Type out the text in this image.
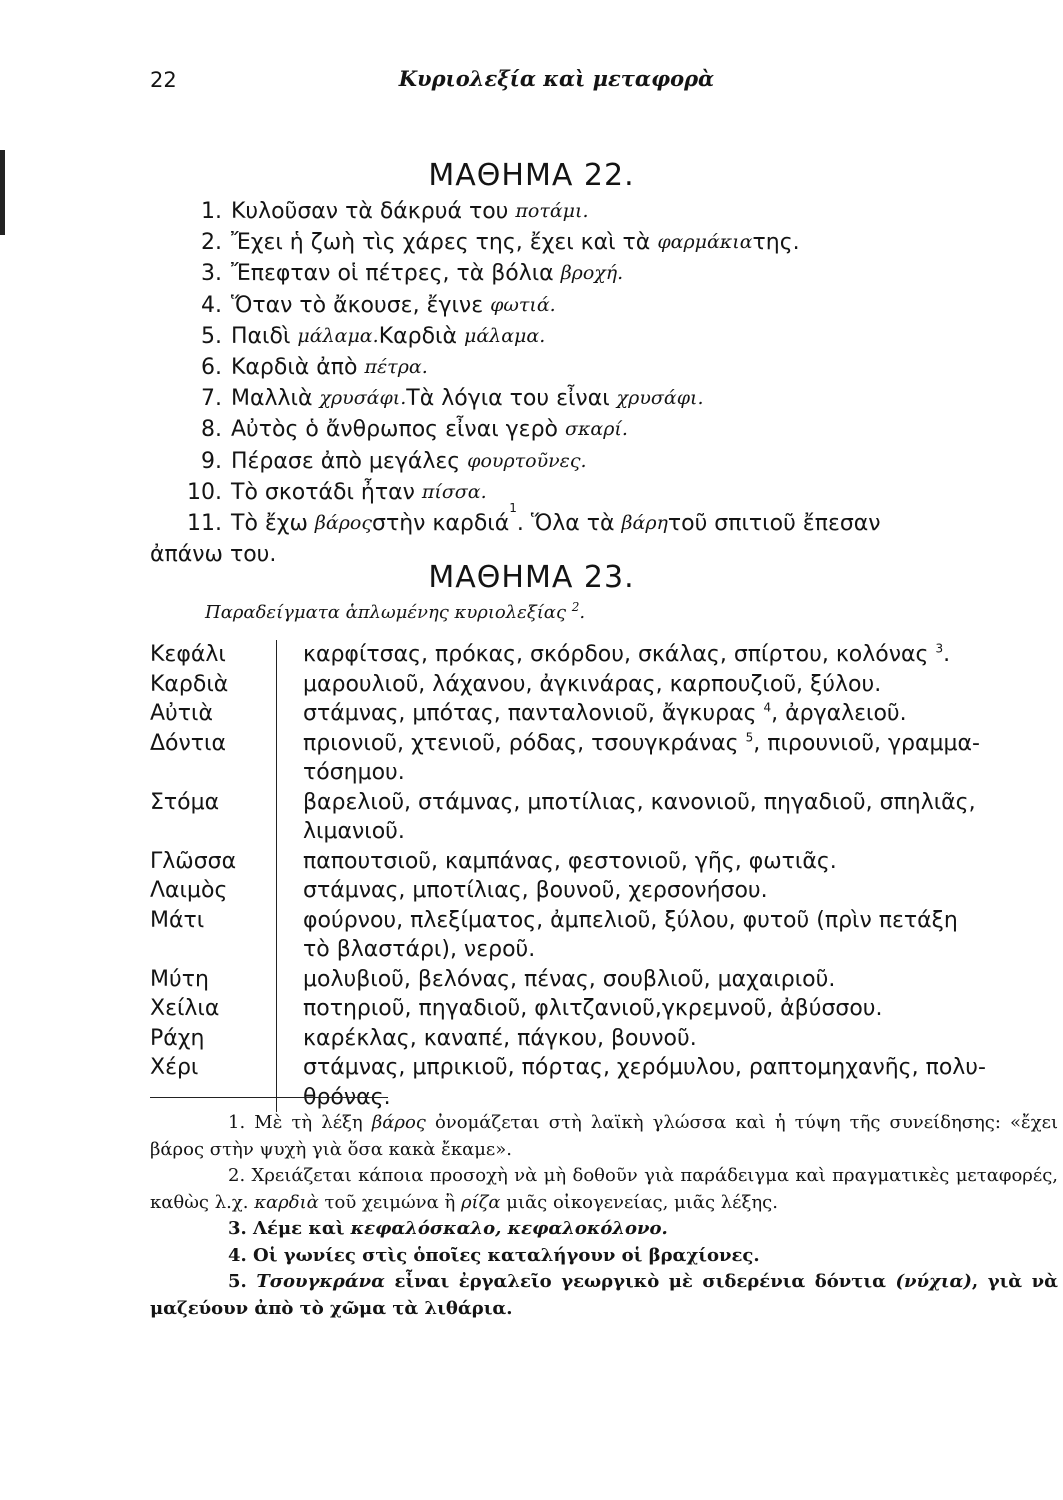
22	Κυριολεξία καὶ μεταφορὰ
ΜΑΘΗΜΑ 22.
1. Κυλοῦσαν τὰ δάκρυά του
ποτάμι.
2. Ἔχει ἡ ζωὴ τὶς χάρες της, ἔχει καὶ τὰ
φαρμάκια της.
3. Ἔπεφταν οἱ πέτρες, τὰ βόλια
βροχή.
4. Ὅταν τὸ ἄκουσε, ἔγινε
φωτιά.
5. Παιδὶ
μάλαμα. Καρδιὰ
μάλαμα.
6. Καρδιὰ ἀπὸ
πέτρα.
7. Μαλλιὰ
χρυσάφι. Τὰ λόγια του εἶναι
χρυσάφι.
8. Αὐτὸς ὁ ἄνθρωπος εἶναι γερὸ
σκαρί.
9. Πέρασε ἀπὸ μεγάλες
φουρτοῦνες.
10. Τὸ σκοτάδι ἦταν
πίσσα.
11. Τὸ ἔχω
βάρος στὴν καρδιά
1
. Ὅλα τὰ
βάρη τοῦ σπιτιοῦ ἔπεσαν
ἀπάνω του.
ΜΑΘΗΜΑ 23.
Παραδείγματα ἁπλωμένης κυριολεξίας $^2$.
Κεφάλι	καρφίτσας, πρόκας, σκόρδου, σκάλας, σπίρτου, κολόνας $^3$.
Καρδιὰ	μαρουλιοῦ, λάχανου, ἀγκινάρας, καρπουζιοῦ, ξύλου.
Αὐτιὰ	στάμνας, μπότας, πανταλονιοῦ, ἄγκυρας $^4$, ἀργαλειοῦ.
Δόντια	πριονιοῦ, χτενιοῦ, ρόδας, τσουγκράνας $^5$, πιρουνιοῦ, γραμμα-
τόσημου.
Στόμα	βαρελιοῦ, στάμνας, μποτίλιας, κανονιοῦ, πηγαδιοῦ, σπηλιᾶς,
λιμανιοῦ.
Γλῶσσα	παπουτσιοῦ, καμπάνας, φεστονιοῦ, γῆς, φωτιᾶς.
Λαιμὸς	στάμνας, μποτίλιας, βουνοῦ, χερσονήσου.
Μάτι	φούρνου, πλεξίματος, ἀμπελιοῦ, ξύλου, φυτοῦ (πρὶν πετάξη
τὸ βλαστάρι), νεροῦ.
Μύτη	μολυβιοῦ, βελόνας, πένας, σουβλιοῦ, μαχαιριοῦ.
Χείλια	ποτηριοῦ, πηγαδιοῦ, φλιτζανιοῦ,γκρεμνοῦ, ἀβύσσου.
Ράχη	καρέκλας, καναπέ, πάγκου, βουνοῦ.
Χέρι	στάμνας, μπρικιοῦ, πόρτας, χερόμυλου, ραπτομηχανῆς, πολυ-
θρόνας.

1. Μὲ τὴ λέξη βάρος ὀνομάζεται στὴ λαϊκὴ γλώσσα καὶ ἡ τύψη τῆς συνείδησης: «ἔχει βάρος στὴν ψυχὴ γιὰ ὅσα κακὰ ἔκαμε».

2. Χρειάζεται κάποια προσοχὴ νὰ μὴ δοθοῦν γιὰ παράδειγμα καὶ πραγματικὲς μεταφορές, καθὼς λ.χ. καρδιὰ τοῦ χειμώνα ἢ ρίζα μιᾶς οἰκογενείας, μιᾶς λέξης.

3. Λέμε καὶ κεφαλόσκαλο, κεφαλοκόλονο.

4. Οἱ γωνίες στὶς ὁποῖες καταλήγουν οἱ βραχίονες.

5. Τσουγκράνα εἶναι ἐργαλεῖο γεωργικὸ μὲ σιδερένια δόντια (νύχια), γιὰ νὰ μαζεύουν ἀπὸ τὸ χῶμα τὰ λιθάρια.
